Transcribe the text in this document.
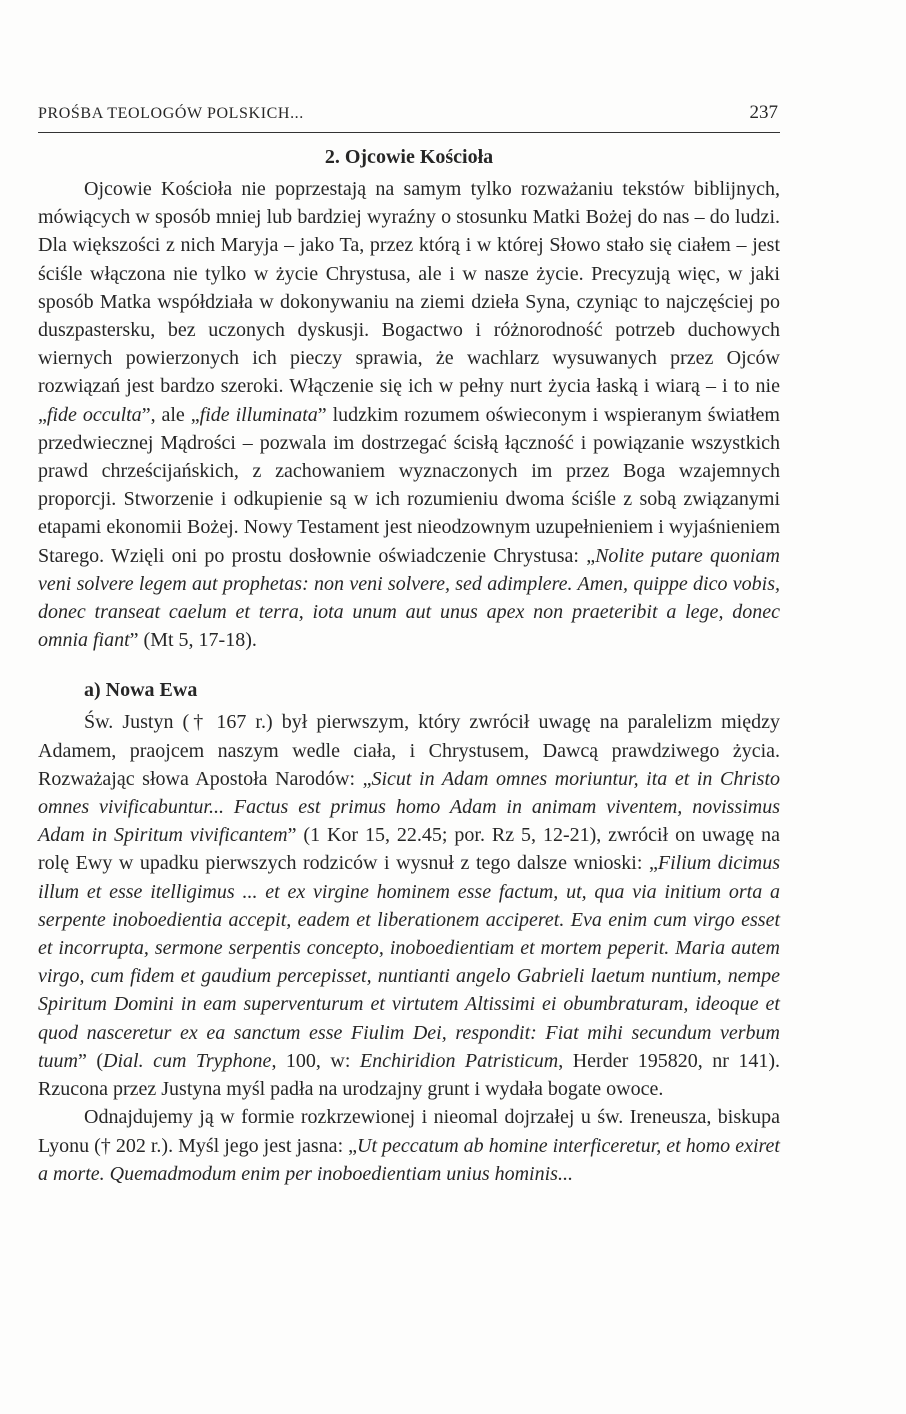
PROŚBA TEOLOGÓW POLSKICH...	237
2. Ojcowie Kościoła

Ojcowie Kościoła nie poprzestają na samym tylko rozważaniu tekstów biblijnych, mówiących w sposób mniej lub bardziej wyraźny o stosunku Matki Bożej do nas – do ludzi. Dla większości z nich Maryja – jako Ta, przez którą i w której Słowo stało się ciałem – jest ściśle włączona nie tylko w życie Chrystusa, ale i w nasze życie. Precyzują więc, w jaki sposób Matka współdziała w dokonywaniu na ziemi dzieła Syna, czyniąc to najczęściej po duszpastersku, bez uczonych dyskusji. Bogactwo i różnorodność potrzeb duchowych wiernych powierzonych ich pieczy sprawia, że wachlarz wysuwanych przez Ojców rozwiązań jest bardzo szeroki. Włączenie się ich w pełny nurt życia łaską i wiarą – i to nie „fide occulta”, ale „fide illuminata” ludzkim rozumem oświeconym i wspieranym światłem przedwiecznej Mądrości – pozwala im dostrzegać ścisłą łączność i powiązanie wszystkich prawd chrześcijańskich, z zachowaniem wyznaczonych im przez Boga wzajemnych proporcji. Stworzenie i odkupienie są w ich rozumieniu dwoma ściśle z sobą związanymi etapami ekonomii Bożej. Nowy Testament jest nieodzownym uzupełnieniem i wyjaśnieniem Starego. Wzięli oni po prostu dosłownie oświadczenie Chrystusa: „Nolite putare quoniam veni solvere legem aut prophetas: non veni solvere, sed adimplere. Amen, quippe dico vobis, donec transeat caelum et terra, iota unum aut unus apex non praeteribit a lege, donec omnia fiant” (Mt 5, 17-18).

a) Nowa Ewa

Św. Justyn († 167 r.) był pierwszym, który zwrócił uwagę na paralelizm między Adamem, praojcem naszym wedle ciała, i Chrystusem, Dawcą prawdziwego życia. Rozważając słowa Apostoła Narodów: „Sicut in Adam omnes moriuntur, ita et in Christo omnes vivificabuntur... Factus est primus homo Adam in animam viventem, novissimus Adam in Spiritum vivificantem” (1 Kor 15, 22.45; por. Rz 5, 12-21), zwrócił on uwagę na rolę Ewy w upadku pierwszych rodziców i wysnuł z tego dalsze wnioski: „Filium dicimus illum et esse itelligimus ... et ex virgine hominem esse factum, ut, qua via initium orta a serpente inoboedientia accepit, eadem et liberationem acciperet. Eva enim cum virgo esset et incorrupta, sermone serpentis concepto, inoboedientiam et mortem peperit. Maria autem virgo, cum fidem et gaudium percepisset, nuntianti angelo Gabrieli laetum nuntium, nempe Spiritum Domini in eam superventurum et virtutem Altissimi ei obumbraturam, ideoque et quod nasceretur ex ea sanctum esse Fiulim Dei, respondit: Fiat mihi secundum verbum tuum” (Dial. cum Tryphone, 100, w: Enchiridion Patristicum, Herder 195820, nr 141). Rzucona przez Justyna myśl padła na urodzajny grunt i wydała bogate owoce.

Odnajdujemy ją w formie rozkrzewionej i nieomal dojrzałej u św. Ireneusza, biskupa Lyonu († 202 r.). Myśl jego jest jasna: „Ut peccatum ab homine interficeretur, et homo exiret a morte. Quemadmodum enim per inoboedientiam unius hominis...
